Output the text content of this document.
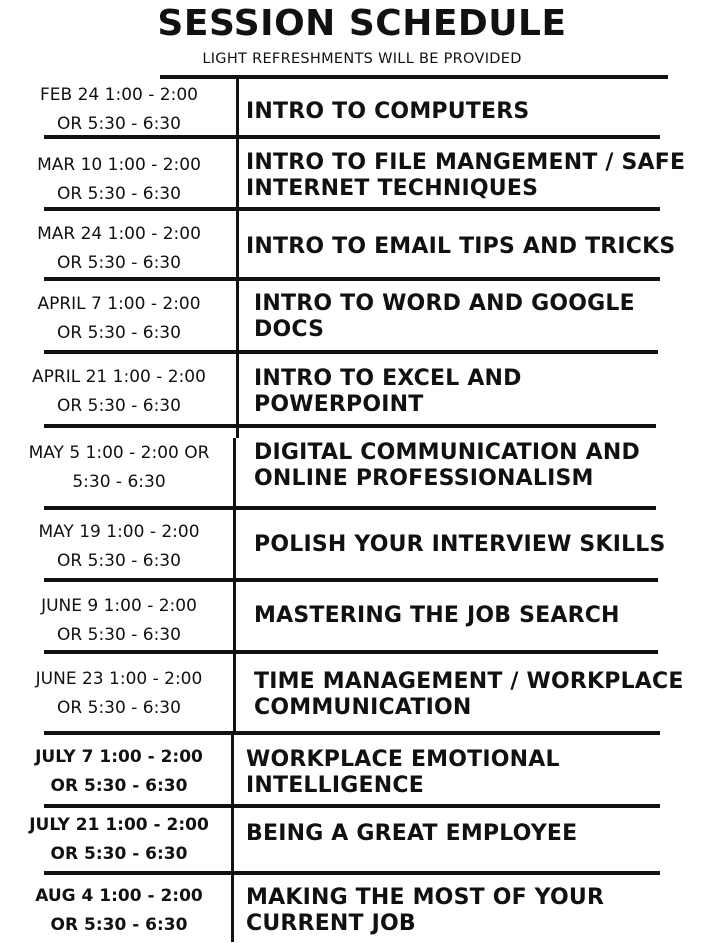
SESSION SCHEDULE
LIGHT REFRESHMENTS WILL BE PROVIDED
FEB 24 1:00 - 2:00
OR 5:30 - 6:30	INTRO TO COMPUTERS
MAR 10 1:00 - 2:00
OR 5:30 - 6:30
INTRO TO FILE MANGEMENT / SAFE
INTERNET TECHNIQUES
MAR 24 1:00 - 2:00
OR 5:30 - 6:30
INTRO TO EMAIL TIPS AND TRICKS
APRIL 7 1:00 - 2:00
OR 5:30 - 6:30
INTRO TO WORD AND GOOGLE
DOCS
APRIL 21 1:00 - 2:00
OR 5:30 - 6:30
INTRO TO EXCEL AND
POWERPOINT
MAY 5 1:00 - 2:00 OR
5:30 - 6:30
DIGITAL COMMUNICATION AND
ONLINE PROFESSIONALISM
MAY 19 1:00 - 2:00
OR 5:30 - 6:30
POLISH YOUR INTERVIEW SKILLS
JUNE 9 1:00 - 2:00
OR 5:30 - 6:30
MASTERING THE JOB SEARCH
JUNE 23 1:00 - 2:00
OR 5:30 - 6:30
TIME MANAGEMENT / WORKPLACE
COMMUNICATION
JULY 7 1:00 - 2:00
OR 5:30 - 6:30
WORKPLACE EMOTIONAL
INTELLIGENCE
JULY 21 1:00 - 2:00
OR 5:30 - 6:30
BEING A GREAT EMPLOYEE
AUG 4 1:00 - 2:00
OR 5:30 - 6:30
MAKING THE MOST OF YOUR
CURRENT JOB
